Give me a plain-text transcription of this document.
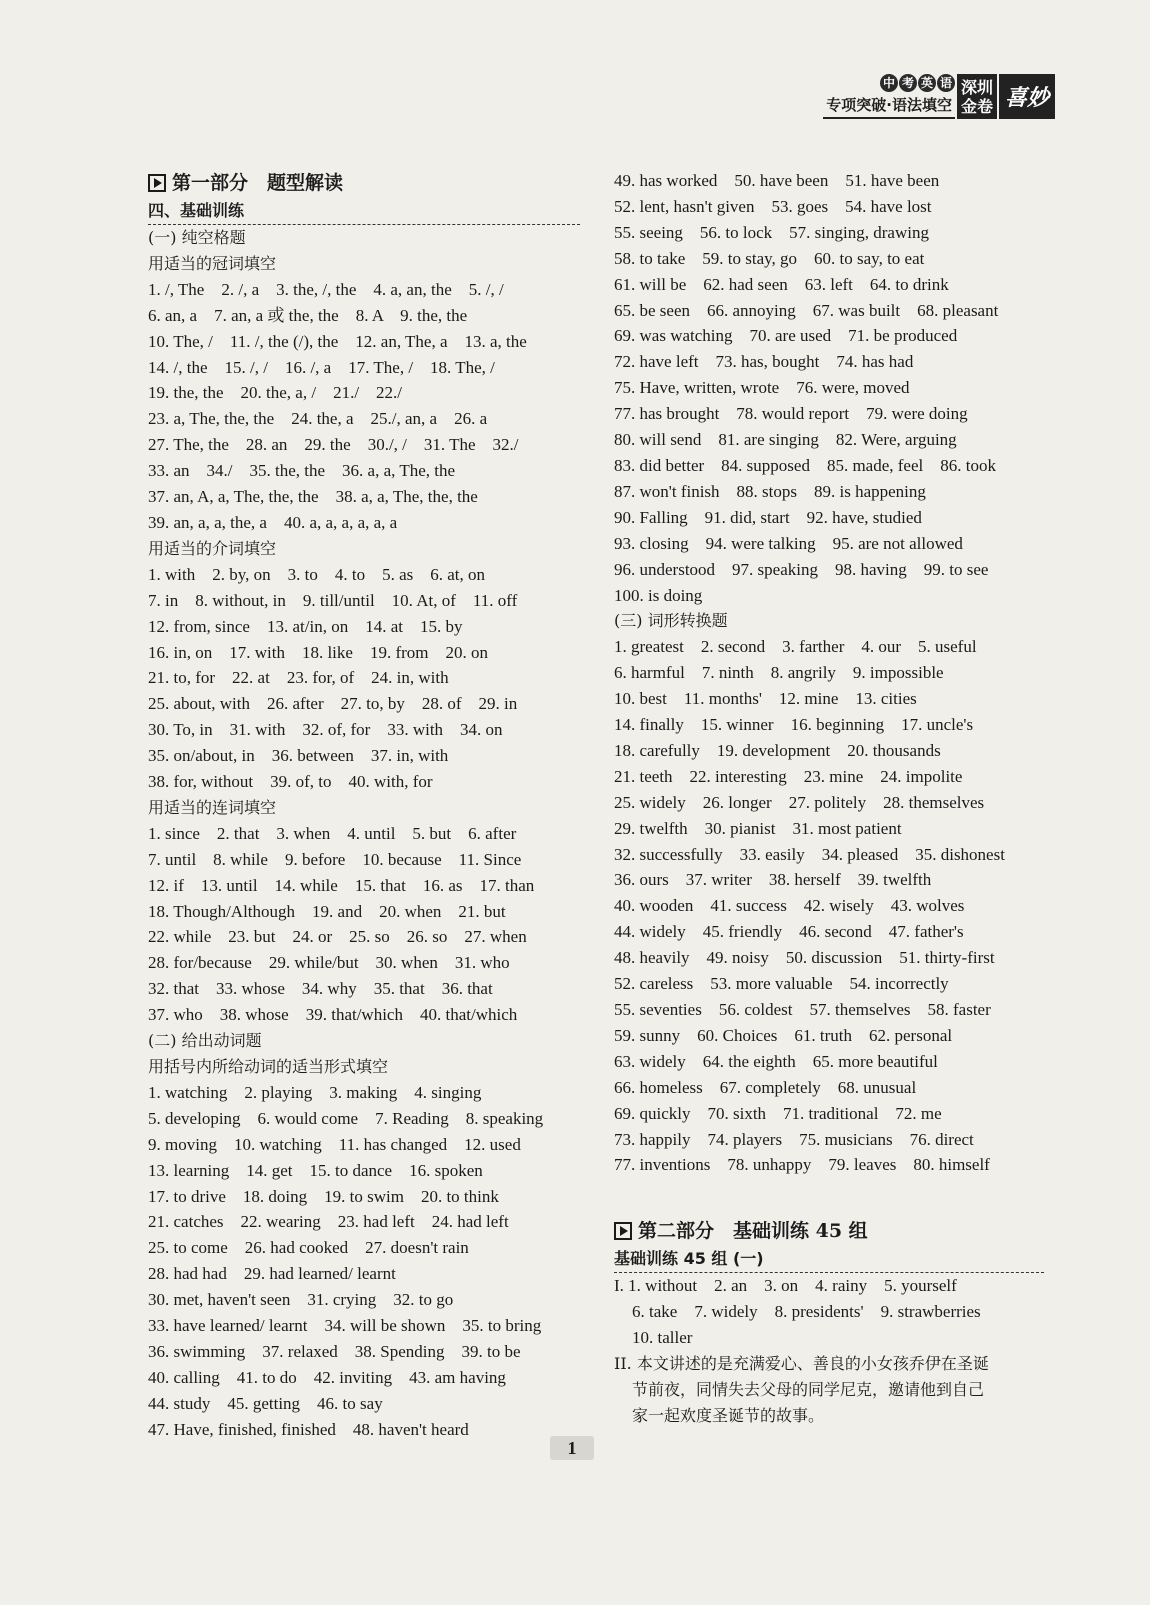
中 考 英 语
专项突破·语法填空
深圳
金卷 喜妙
第一部分　题型解读
四、基础训练
(一) 纯空格题
用适当的冠词填空
1. /, The　2. /, a　3. the, /, the　4. a, an, the　5. /, /
6. an, a　7. an, a 或 the, the　8. A　9. the, the
10. The, /　11. /, the (/), the　12. an, The, a　13. a, the
14. /, the　15. /, /　16. /, a　17. The, /　18. The, /
19. the, the　20. the, a, /　21./　22./
23. a, The, the, the　24. the, a　25./, an, a　26. a
27. The, the　28. an　29. the　30./, /　31. The　32./
33. an　34./　35. the, the　36. a, a, The, the
37. an, A, a, The, the, the　38. a, a, The, the, the
39. an, a, a, the, a　40. a, a, a, a, a, a
用适当的介词填空
1. with　2. by, on　3. to　4. to　5. as　6. at, on
7. in　8. without, in　9. till/until　10. At, of　11. off
12. from, since　13. at/in, on　14. at　15. by
16. in, on　17. with　18. like　19. from　20. on
21. to, for　22. at　23. for, of　24. in, with
25. about, with　26. after　27. to, by　28. of　29. in
30. To, in　31. with　32. of, for　33. with　34. on
35. on/about, in　36. between　37. in, with
38. for, without　39. of, to　40. with, for
用适当的连词填空
1. since　2. that　3. when　4. until　5. but　6. after
7. until　8. while　9. before　10. because　11. Since
12. if　13. until　14. while　15. that　16. as　17. than
18. Though/Although　19. and　20. when　21. but
22. while　23. but　24. or　25. so　26. so　27. when
28. for/because　29. while/but　30. when　31. who
32. that　33. whose　34. why　35. that　36. that
37. who　38. whose　39. that/which　40. that/which
(二) 给出动词题
用括号内所给动词的适当形式填空
1. watching　2. playing　3. making　4. singing
5. developing　6. would come　7. Reading　8. speaking
9. moving　10. watching　11. has changed　12. used
13. learning　14. get　15. to dance　16. spoken
17. to drive　18. doing　19. to swim　20. to think
21. catches　22. wearing　23. had left　24. had left
25. to come　26. had cooked　27. doesn't rain
28. had had　29. had learned/ learnt
30. met, haven't seen　31. crying　32. to go
33. have learned/ learnt　34. will be shown　35. to bring
36. swimming　37. relaxed　38. Spending　39. to be
40. calling　41. to do　42. inviting　43. am having
44. study　45. getting　46. to say
47. Have, finished, finished　48. haven't heard
49. has worked　50. have been　51. have been
52. lent, hasn't given　53. goes　54. have lost
55. seeing　56. to lock　57. singing, drawing
58. to take　59. to stay, go　60. to say, to eat
61. will be　62. had seen　63. left　64. to drink
65. be seen　66. annoying　67. was built　68. pleasant
69. was watching　70. are used　71. be produced
72. have left　73. has, bought　74. has had
75. Have, written, wrote　76. were, moved
77. has brought　78. would report　79. were doing
80. will send　81. are singing　82. Were, arguing
83. did better　84. supposed　85. made, feel　86. took
87. won't finish　88. stops　89. is happening
90. Falling　91. did, start　92. have, studied
93. closing　94. were talking　95. are not allowed
96. understood　97. speaking　98. having　99. to see
100. is doing
(三) 词形转换题
1. greatest　2. second　3. farther　4. our　5. useful
6. harmful　7. ninth　8. angrily　9. impossible
10. best　11. months'　12. mine　13. cities
14. finally　15. winner　16. beginning　17. uncle's
18. carefully　19. development　20. thousands
21. teeth　22. interesting　23. mine　24. impolite
25. widely　26. longer　27. politely　28. themselves
29. twelfth　30. pianist　31. most patient
32. successfully　33. easily　34. pleased　35. dishonest
36. ours　37. writer　38. herself　39. twelfth
40. wooden　41. success　42. wisely　43. wolves
44. widely　45. friendly　46. second　47. father's
48. heavily　49. noisy　50. discussion　51. thirty-first
52. careless　53. more valuable　54. incorrectly
55. seventies　56. coldest　57. themselves　58. faster
59. sunny　60. Choices　61. truth　62. personal
63. widely　64. the eighth　65. more beautiful
66. homeless　67. completely　68. unusual
69. quickly　70. sixth　71. traditional　72. me
73. happily　74. players　75. musicians　76. direct
77. inventions　78. unhappy　79. leaves　80. himself
第二部分　基础训练 45 组
基础训练 45 组 (一)
I. 1. without　2. an　3. on　4. rainy　5. yourself
6. take　7. widely　8. presidents'　9. strawberries
10. taller
II. 本文讲述的是充满爱心、善良的小女孩乔伊在圣诞
节前夜，同情失去父母的同学尼克，邀请他到自己
家一起欢度圣诞节的故事。
1
